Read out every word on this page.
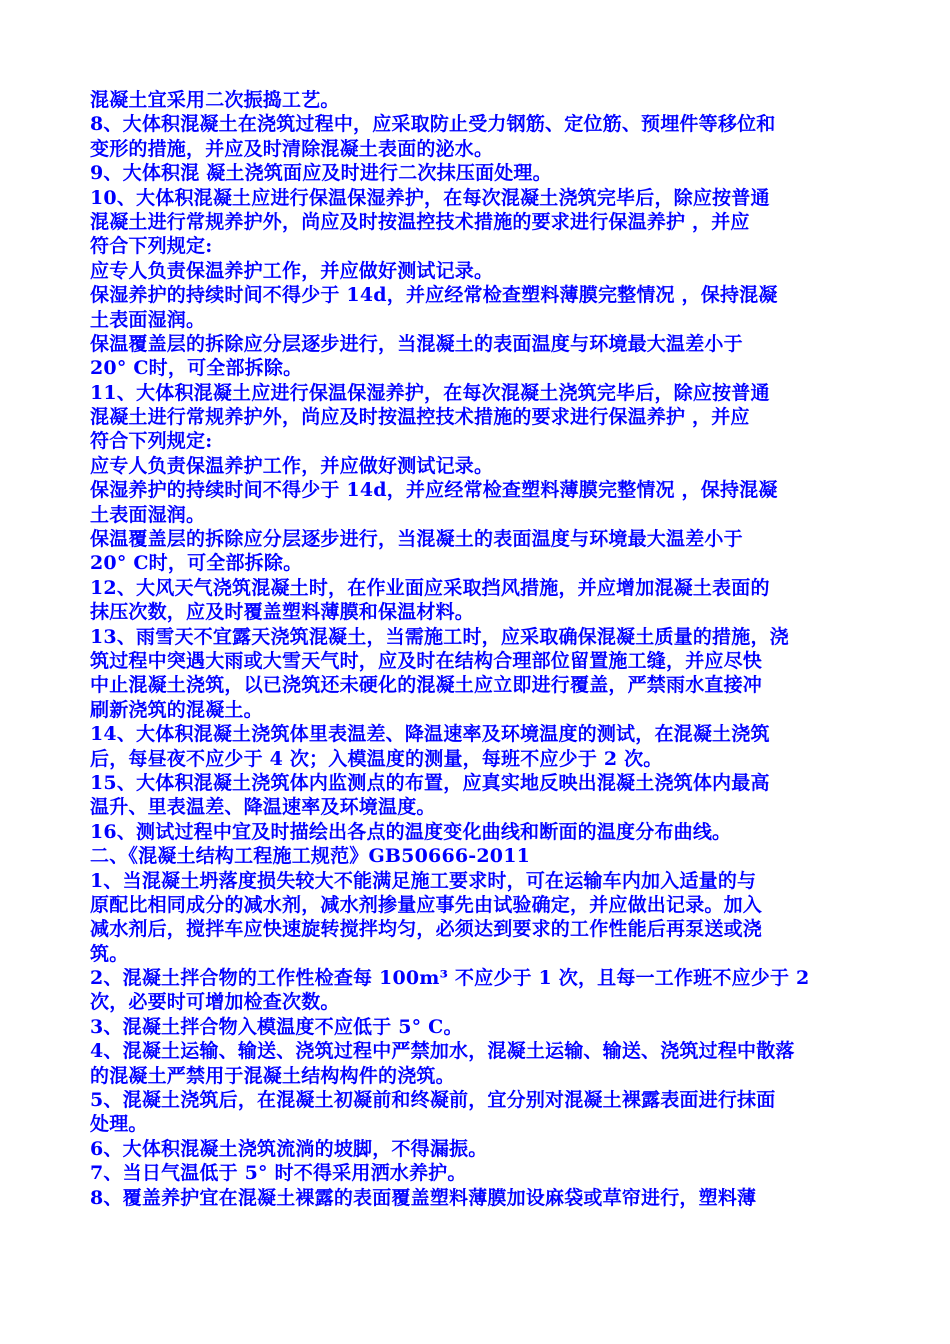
混凝土宜采用二次振捣工艺。
8、大体积混凝土在浇筑过程中，应采取防止受力钢筋、定位筋、预埋件等移位和
变形的措施，并应及时清除混凝土表面的泌水。
9、大体积混 凝土浇筑面应及时进行二次抹压面处理。
10、大体积混凝土应进行保温保湿养护，在每次混凝土浇筑完毕后，除应按普通
混凝土进行常规养护外，尚应及时按温控技术措施的要求进行保温养护 ，并应
符合下列规定:
应专人负责保温养护工作，并应做好测试记录。
保湿养护的持续时间不得少于 14d，并应经常检查塑料薄膜完整情况 ，保持混凝
土表面湿润。
保温覆盖层的拆除应分层逐步进行，当混凝土的表面温度与环境最大温差小于
20° C时，可全部拆除。
11、大体积混凝土应进行保温保湿养护，在每次混凝土浇筑完毕后，除应按普通
混凝土进行常规养护外，尚应及时按温控技术措施的要求进行保温养护 ，并应
符合下列规定:
应专人负责保温养护工作，并应做好测试记录。
保湿养护的持续时间不得少于 14d，并应经常检查塑料薄膜完整情况 ，保持混凝
土表面湿润。
保温覆盖层的拆除应分层逐步进行，当混凝土的表面温度与环境最大温差小于
20° C时，可全部拆除。
12、大风天气浇筑混凝土时，在作业面应采取挡风措施，并应增加混凝土表面的
抹压次数，应及时覆盖塑料薄膜和保温材料。
13、雨雪天不宜露天浇筑混凝土，当需施工时，应采取确保混凝土质量的措施，浇
筑过程中突遇大雨或大雪天气时，应及时在结构合理部位留置施工缝，并应尽快
中止混凝土浇筑，以已浇筑还未硬化的混凝土应立即进行覆盖，严禁雨水直接冲
刷新浇筑的混凝土。
14、大体积混凝土浇筑体里表温差、降温速率及环境温度的测试，在混凝土浇筑
后，每昼夜不应少于 4 次；入模温度的测量，每班不应少于 2 次。
15、大体积混凝土浇筑体内监测点的布置，应真实地反映出混凝土浇筑体内最高
温升、里表温差、降温速率及环境温度。
16、测试过程中宜及时描绘出各点的温度变化曲线和断面的温度分布曲线。
二、《混凝土结构工程施工规范》GB50666-2011
1、当混凝土坍落度损失较大不能满足施工要求时，可在运输车内加入适量的与
原配比相同成分的减水剂，减水剂掺量应事先由试验确定，并应做出记录。加入
减水剂后，搅拌车应快速旋转搅拌均匀，必须达到要求的工作性能后再泵送或浇
筑。
2、混凝土拌合物的工作性检查每 100m³ 不应少于 1 次，且每一工作班不应少于 2
次，必要时可增加检查次数。
3、混凝土拌合物入模温度不应低于 5° C。
4、混凝土运输、输送、浇筑过程中严禁加水，混凝土运输、输送、浇筑过程中散落
的混凝土严禁用于混凝土结构构件的浇筑。
5、混凝土浇筑后，在混凝土初凝前和终凝前，宜分别对混凝土裸露表面进行抹面
处理。
6、大体积混凝土浇筑流淌的坡脚，不得漏振。
7、当日气温低于 5° 时不得采用洒水养护。
8、覆盖养护宜在混凝土裸露的表面覆盖塑料薄膜加设麻袋或草帘进行，塑料薄
